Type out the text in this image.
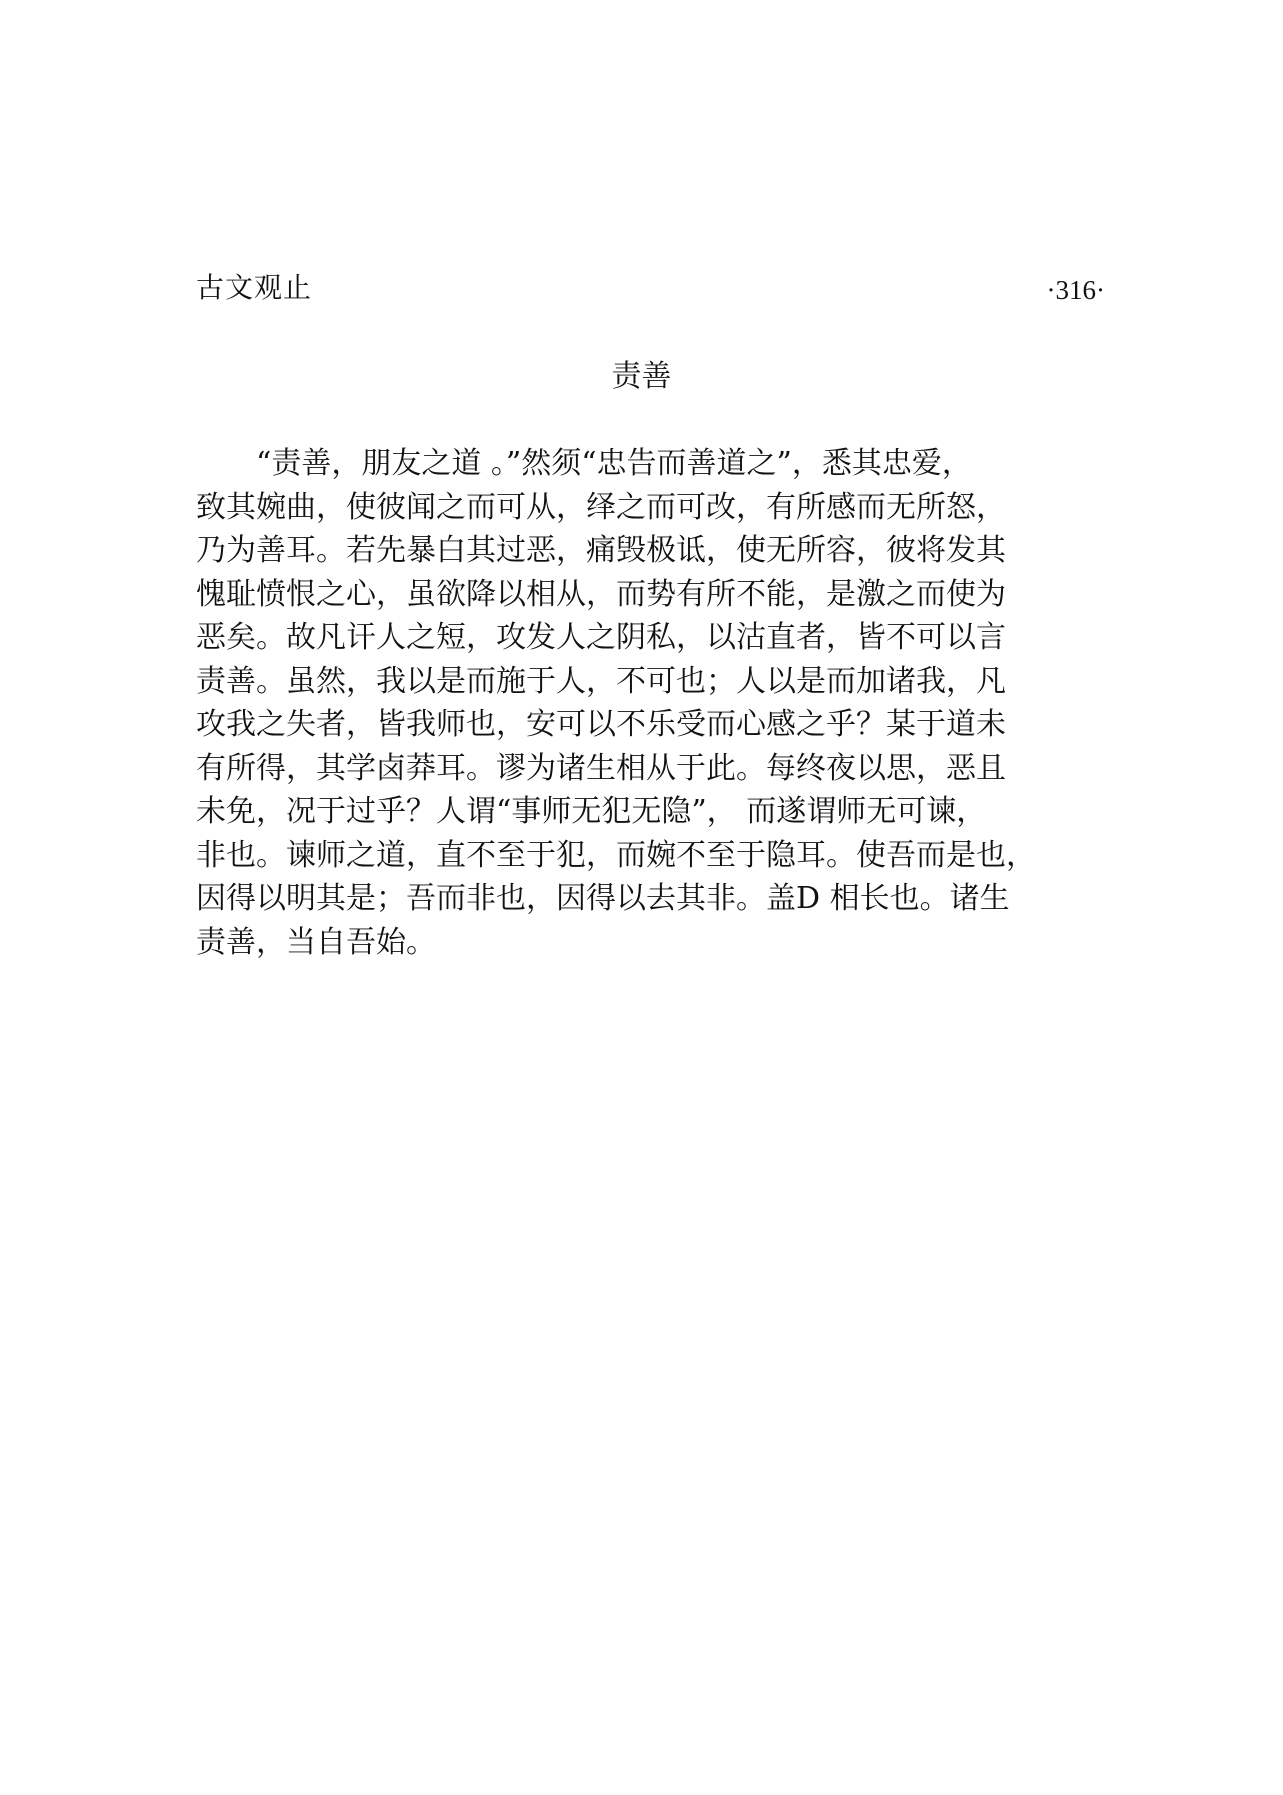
古文观止	·316·
责善
“责善，朋友之道 。”然须“忠告而善道之”，悉其忠爱，
致其婉曲，使彼闻之而可从，绎之而可改，有所感而无所怒，
乃为善耳。若先暴白其过恶，痛毁极诋，使无所容，彼将发其
愧耻愤恨之心，虽欲降以相从，而势有所不能，是激之而使为
恶矣。故凡讦人之短，攻发人之阴私，以沽直者，皆不可以言
责善。虽然，我以是而施于人，不可也；人以是而加诸我，凡
攻我之失者，皆我师也，安可以不乐受而心感之乎？某于道未
有所得，其学卤莽耳。谬为诸生相从于此。每终夜以思，恶且
未免，况于过乎？人谓“事师无犯无隐”， 而遂谓师无可谏，
非也。谏师之道，直不至于犯，而婉不至于隐耳。使吾而是也，
因得以明其是；吾而非也，因得以去其非。盖D 相长也。诸生
责善，当自吾始。
